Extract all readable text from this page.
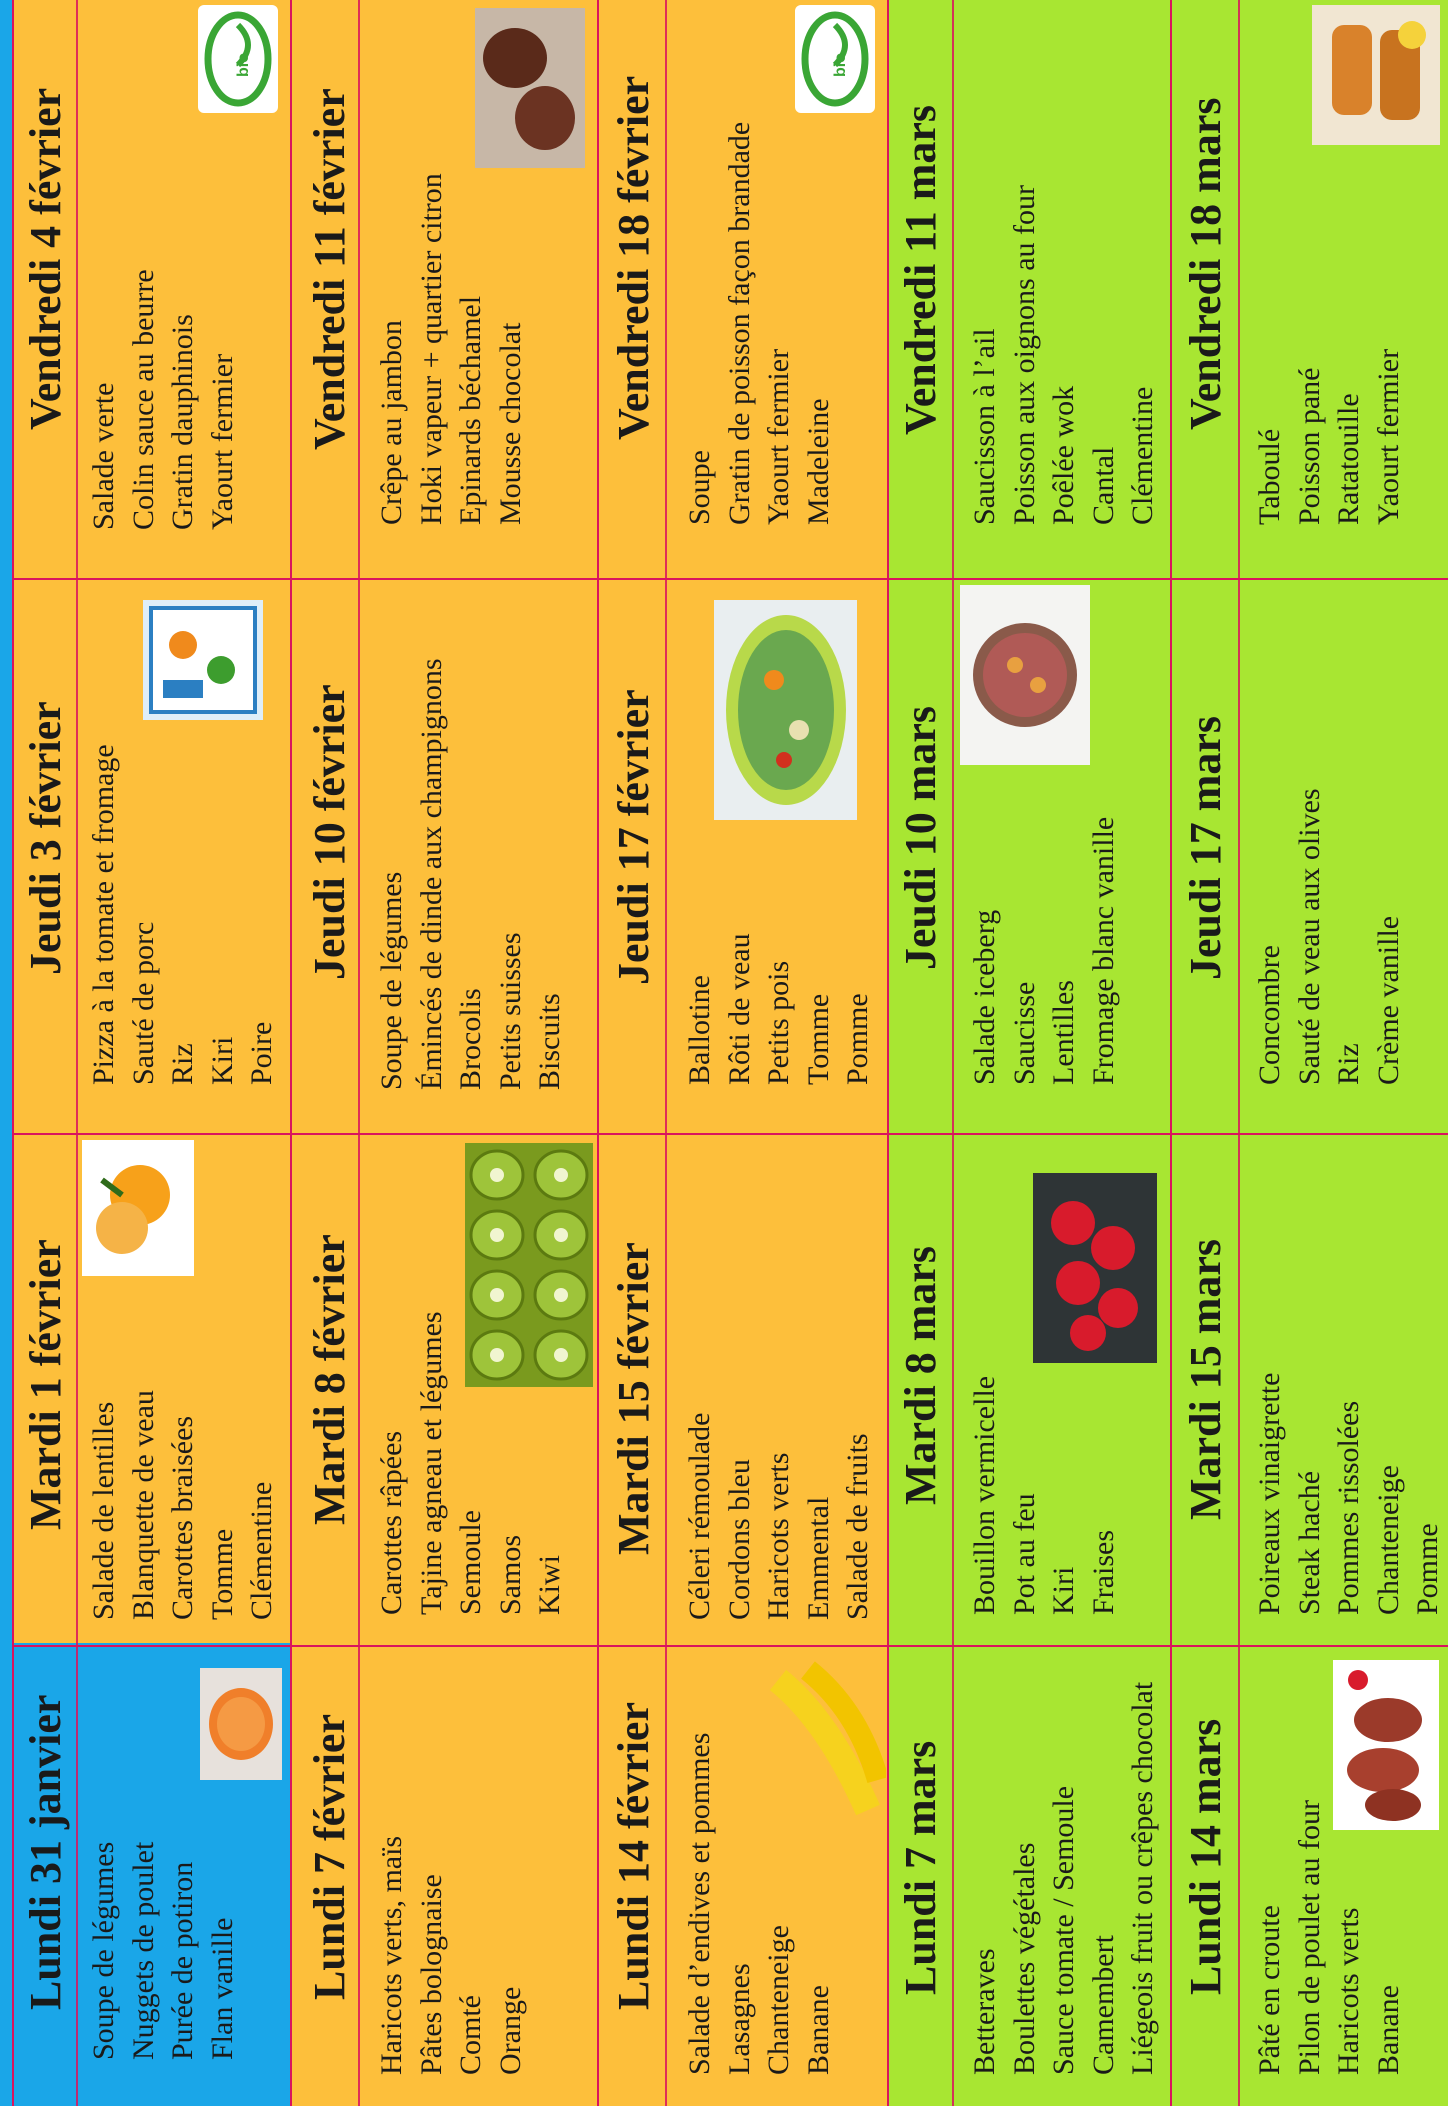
bio	bio
Lundi 31 janvier Soupe de légumes Nuggets de poulet Purée de potiron Flan vanille
Mardi 1 février Salade de lentilles Blanquette de veau Carottes braisées Tomme Clémentine
Jeudi 3 février Pizza à la tomate et fromage Sauté de porc Riz Kiri Poire
Vendredi 4 février
Salade verte Colin sauce au beurre Gratin dauphinois Yaourt fermier
Lundi 7 février Haricots verts, maïs Pâtes bolognaise Comté Orange
Mardi 8 février Carottes râpées Tajine agneau et légumes Semoule Samos Kiwi
Jeudi 10 février
Soupe de légumes Émincés de dinde aux champignons Brocolis Petits suisses Biscuits
Vendredi 11 février Crêpe au jambon Hoki vapeur + quartier citron Epinards béchamel Mousse chocolat
Lundi 14 février Salade d’endives et pommes Lasagnes Chanteneige Banane
Mardi 15 février Céleri rémoulade Cordons bleu Haricots verts Emmental Salade de fruits
Jeudi 17 février
Ballotine Rôti de veau Petits pois Tomme Pomme
Vendredi 18 février
Soupe Gratin de poisson façon brandade Yaourt fermier Madeleine
Lundi 7 mars
Betteraves Boulettes végétales Sauce tomate / Semoule Camembert Liégeois fruit ou crêpes chocolat
Mardi 8 mars Bouillon vermicelle Pot au feu Kiri Fraises
Jeudi 10 mars
Salade iceberg Saucisse Lentilles Fromage blanc vanille
Vendredi 11 mars Saucisson à l’ail Poisson aux oignons au four Poêlée wok Cantal Clémentine
Lundi 14 mars Pâté en croute Pilon de poulet au four Haricots verts Banane
Mardi 15 mars Poireaux vinaigrette Steak haché Pommes rissolées Chanteneige Pomme
Jeudi 17 mars
Concombre Sauté de veau aux olives Riz Crème vanille
Vendredi 18 mars
Taboulé Poisson pané Ratatouille Yaourt fermier
